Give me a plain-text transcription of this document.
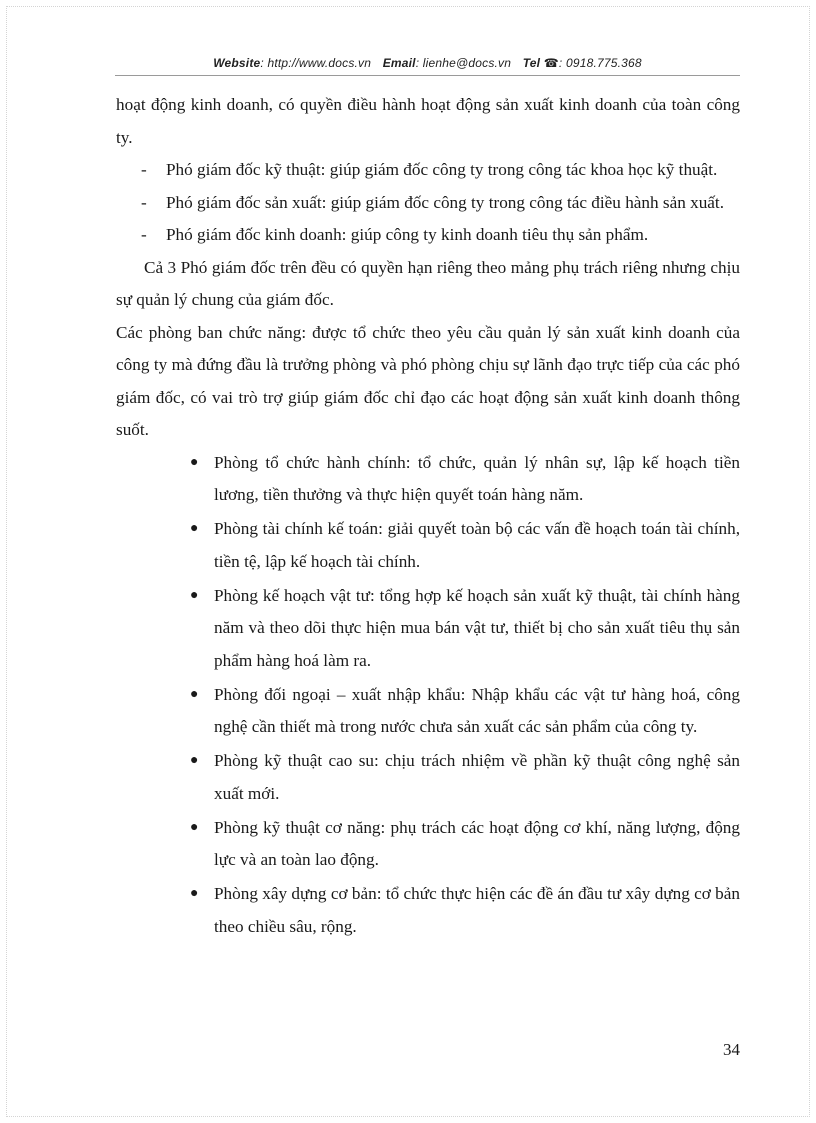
Website: http://www.docs.vn Email: lienhe@docs.vn Tel ☎: 0918.775.368

hoạt động kinh doanh, có quyền điều hành hoạt động sản xuất kinh doanh của toàn công ty.

- Phó giám đốc kỹ thuật: giúp giám đốc công ty trong công tác khoa học kỹ thuật.

- Phó giám đốc sản xuất: giúp giám đốc công ty trong công tác điều hành sản xuất.

- Phó giám đốc kinh doanh: giúp công ty kinh doanh tiêu thụ sản phẩm.

Cả 3 Phó giám đốc trên đều có quyền hạn riêng theo mảng phụ trách riêng nhưng chịu sự quản lý chung của giám đốc.

Các phòng ban chức năng: được tổ chức theo yêu cầu quản lý sản xuất kinh doanh của công ty mà đứng đầu là trưởng phòng và phó phòng chịu sự lãnh đạo trực tiếp của các phó giám đốc, có vai trò trợ giúp giám đốc chỉ đạo các hoạt động sản xuất kinh doanh thông suốt.

● Phòng tổ chức hành chính: tổ chức, quản lý nhân sự, lập kế hoạch tiền lương, tiền thưởng và thực hiện quyết toán hàng năm.

● Phòng tài chính kế toán: giải quyết toàn bộ các vấn đề hoạch toán tài chính, tiền tệ, lập kế hoạch tài chính.

● Phòng kế hoạch vật tư: tổng hợp kế hoạch sản xuất kỹ thuật, tài chính hàng năm và theo dõi thực hiện mua bán vật tư, thiết bị cho sản xuất tiêu thụ sản phẩm hàng hoá làm ra.

● Phòng đối ngoại – xuất nhập khẩu: Nhập khẩu các vật tư hàng hoá, công nghệ cần thiết mà trong nước chưa sản xuất các sản phẩm của công ty.

● Phòng kỹ thuật cao su: chịu trách nhiệm về phần kỹ thuật công nghệ sản xuất mới.

● Phòng kỹ thuật cơ năng: phụ trách các hoạt động cơ khí, năng lượng, động lực và an toàn lao động.

● Phòng xây dựng cơ bản: tổ chức thực hiện các đề án đầu tư xây dựng cơ bản theo chiều sâu, rộng.

34
